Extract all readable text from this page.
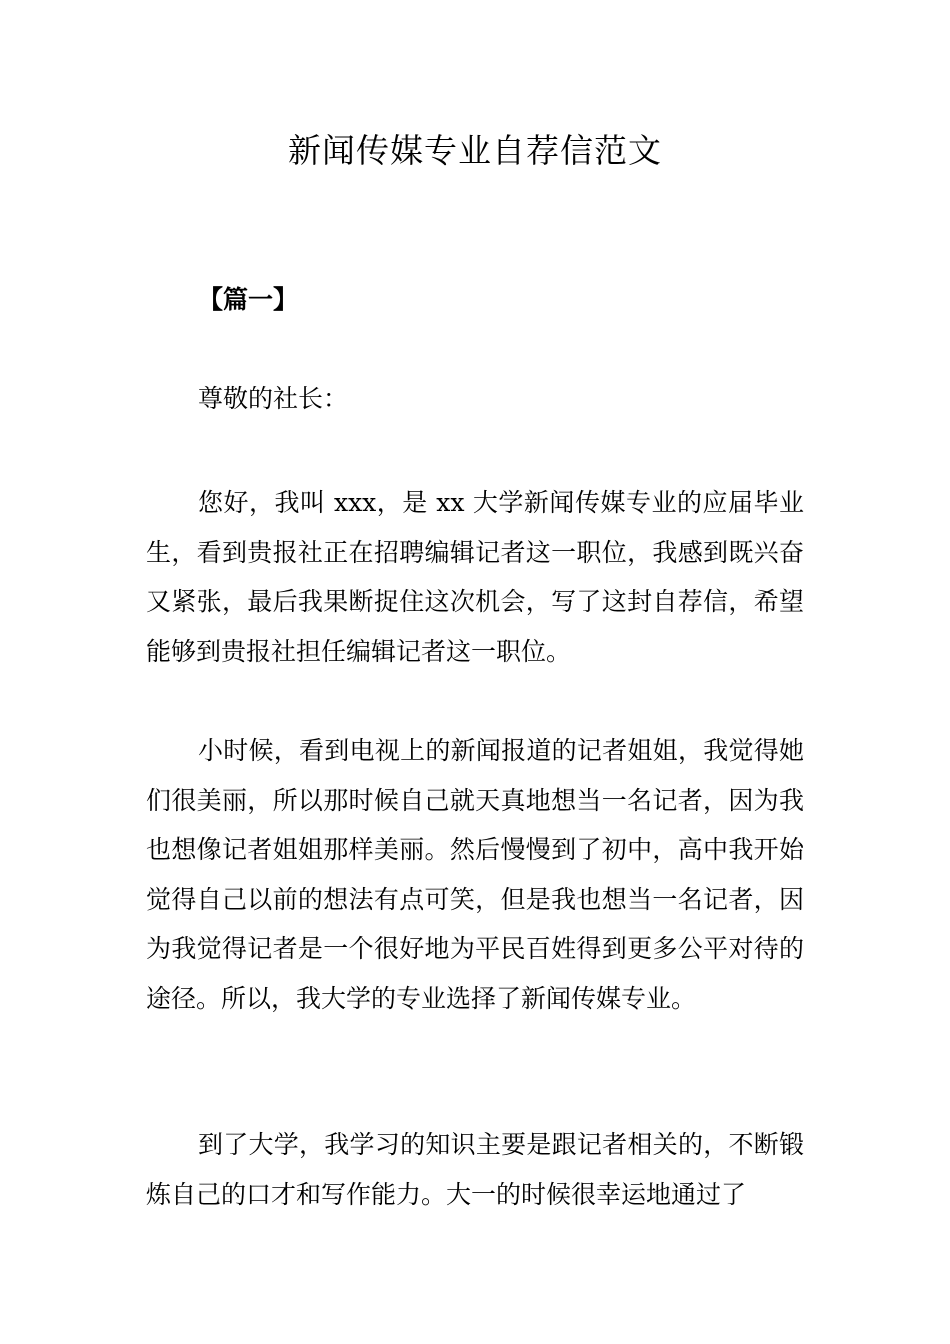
新闻传媒专业自荐信范文
【篇一】
尊敬的社长：

您好，我叫 xxx，是 xx 大学新闻传媒专业的应届毕业生，看到贵报社正在招聘编辑记者这一职位，我感到既兴奋又紧张，最后我果断捉住这次机会，写了这封自荐信，希望能够到贵报社担任编辑记者这一职位。

小时候，看到电视上的新闻报道的记者姐姐，我觉得她们很美丽，所以那时候自己就天真地想当一名记者，因为我也想像记者姐姐那样美丽。然后慢慢到了初中，高中我开始觉得自己以前的想法有点可笑，但是我也想当一名记者，因为我觉得记者是一个很好地为平民百姓得到更多公平对待的途径。所以，我大学的专业选择了新闻传媒专业。

到了大学，我学习的知识主要是跟记者相关的，不断锻炼自己的口才和写作能力。大一的时候很幸运地通过了
